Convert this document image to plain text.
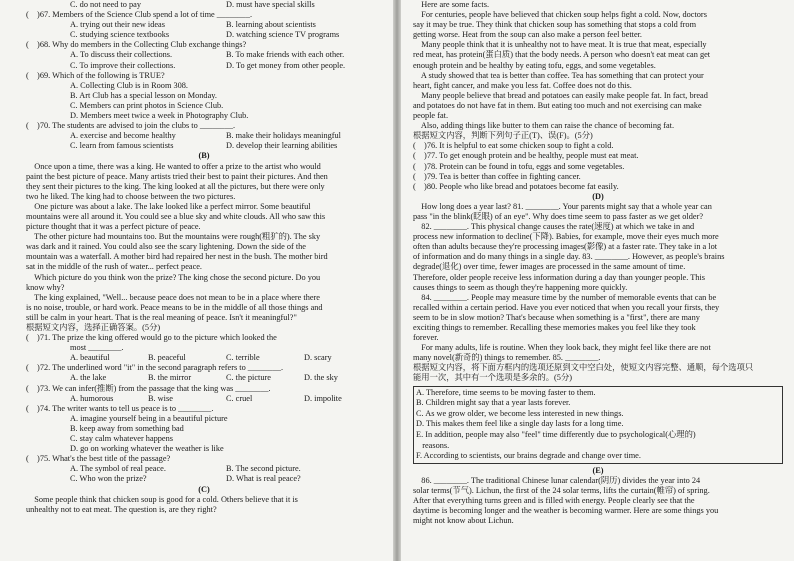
C. do not need to pay	D. must have special skills
(    )67. Members of the Science Club spend a lot of time ________.
A. trying out their new ideas	B. learning about scientists
C. studying science textbooks	D. watching science TV programs
(    )68. Why do members in the Collecting Club exchange things?
A. To discuss their collections.	B. To make friends with each other.
C. To improve their collections.	D. To get money from other people.
(    )69. Which of the following is TRUE?
A. Collecting Club is in Room 308.
B. Art Club has a special lesson on Monday.
C. Members can print photos in Science Club.
D. Members meet twice a week in Photography Club.
(    )70. The students are advised to join the clubs to ________.
A. exercise and become healthy	B. make their holidays meaningful
C. learn from famous scientists	D. develop their learning abilities
(B)
Once upon a time, there was a king. He wanted to offer a prize to the artist who would
paint the best picture of peace. Many artists tried their best to paint their pictures. And then
they sent their pictures to the king. The king looked at all the pictures, but there were only
two he liked. The king had to choose between the two pictures.
One picture was about a lake. The lake looked like a perfect mirror. Some beautiful
mountains were all around it. You could see a blue sky and white clouds. All who saw this
picture thought that it was a perfect picture of peace.
The other picture had mountains too. But the mountains were rough(粗犷的). The sky
was dark and it rained. You could also see the scary lightening. Down the side of the
mountain was a waterfall. A mother bird had repaired her nest in the bush. The mother bird
sat in the middle of the rush of water... perfect peace.
Which picture do you think won the prize? The king chose the second picture. Do you
know why?
The king explained, "Well... because peace does not mean to be in a place where there
is no noise, trouble, or hard work. Peace means to be in the middle of all those things and
still be calm in your heart. That is the real meaning of peace. Isn't it meaningful?"
根据短文内容，选择正确答案。(5分)
(    )71. The prize the king offered would go to the picture which looked the
most ________.
A. beautiful	B. peaceful	C. terrible	D. scary
(    )72. The underlined word "it" in the second paragraph refers to ________.
A. the lake	B. the mirror	C. the picture	D. the sky
(    )73. We can infer(推断) from the passage that the king was ________.
A. humorous	B. wise	C. cruel	D. impolite
(    )74. The writer wants to tell us peace is to ________.
A. imagine yourself being in a beautiful picture
B. keep away from something bad
C. stay calm whatever happens
D. go on working whatever the weather is like
(    )75. What's the best title of the passage?
A. The symbol of real peace.	B. The second picture.
C. Who won the prize?	D. What is real peace?
(C)
Some people think that chicken soup is good for a cold. Others believe that it is
unhealthy not to eat meat. The question is, are they right?
Here are some facts.
For centuries, people have believed that chicken soup helps fight a cold. Now, doctors
say it may be true. They think that chicken soup has something that stops a cold from
getting worse. Heat from the soup can also make a person feel better.
Many people think that it is unhealthy not to have meat. It is true that meat, especially
red meat, has protein(蛋白质) that the body needs. A person who doesn't eat meat can get
enough protein and be healthy by eating tofu, eggs, and some vegetables.
A study showed that tea is better than coffee. Tea has something that can protect your
heart, fight cancer, and make you less fat. Coffee does not do this.
Many people believe that bread and potatoes can easily make people fat. In fact, bread
and potatoes do not have fat in them. But eating too much and not exercising can make
people fat.
Also, adding things like butter to them can raise the chance of becoming fat.
根据短文内容，判断下列句子正(T)、误(F)。(5分)
(    )76. It is helpful to eat some chicken soup to fight a cold.
(    )77. To get enough protein and be healthy, people must eat meat.
(    )78. Protein can be found in tofu, eggs and some vegetables.
(    )79. Tea is better than coffee in fighting cancer.
(    )80. People who like bread and potatoes become fat easily.
(D)
How long does a year last? 81. ________. Your parents might say that a whole year can
pass "in the blink(眨眼) of an eye". Why does time seem to pass faster as we get older?
82. ________. This physical change causes the rate(速度) at which we take in and
process new information to decline(下降). Babies, for example, move their eyes much more
often than adults because they're processing images(影像) at a faster rate. They take in a lot
of information and do many things in a single day. 83. ________. However, as people's brains
degrade(退化) over time, fewer images are processed in the same amount of time.
Therefore, older people receive less information during a day than younger people. This
causes things to seem as though they're happening more quickly.
84. ________. People may measure time by the number of memorable events that can be
recalled within a certain period. Have you ever noticed that when you recall your firsts, they
seem to be in slow motion? That's because when something is a "first", there are many
exciting things to remember. Recalling these memories makes you feel like they took
forever.
For many adults, life is routine. When they look back, they might feel like there are not
many novel(新奇的) things to remember. 85. ________.
根据短文内容，将下面方框内的选项还原到文中空白处，使短文内容完整、通顺，每个选项只
能用一次，其中有一个选项是多余的。(5分)
A. Therefore, time seems to be moving faster to them.
B. Children might say that a year lasts forever.
C. As we grow older, we become less interested in new things.
D. This makes them feel like a single day lasts for a long time.
E. In addition, people may also "feel" time differently due to psychological(心理的)
reasons.
F. According to scientists, our brains degrade and change over time.
(E)
86. ________. The traditional Chinese lunar calendar(阴历) divides the year into 24
solar terms(节气). Lichun, the first of the 24 solar terms, lifts the curtain(帷帘) of spring.
After that everything turns green and is filled with energy. People clearly see that the
daytime is becoming longer and the weather is becoming warmer. Here are some things you
might not know about Lichun.
